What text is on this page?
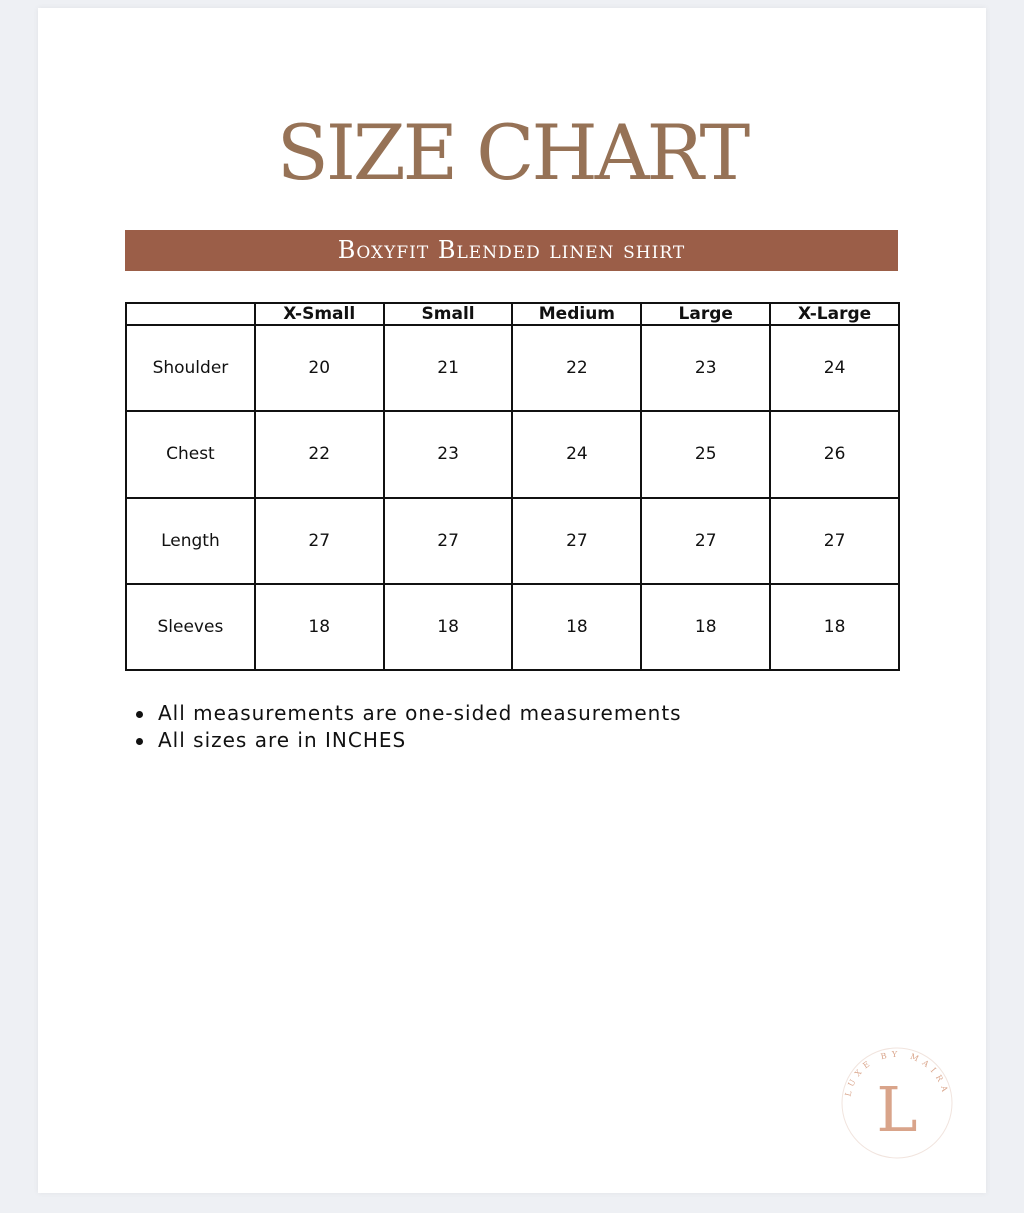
SIZE CHART
Boxyfit Blended linen shirt
	X-Small	Small	Medium	Large	X-Large
Shoulder	20	21	22	23	24
Chest	22	23	24	25	26
Length	27	27	27	27	27
Sleeves	18	18	18	18	18
All measurements are one-sided measurements
All sizes are in INCHES
LUXE BY MAIRA
L
